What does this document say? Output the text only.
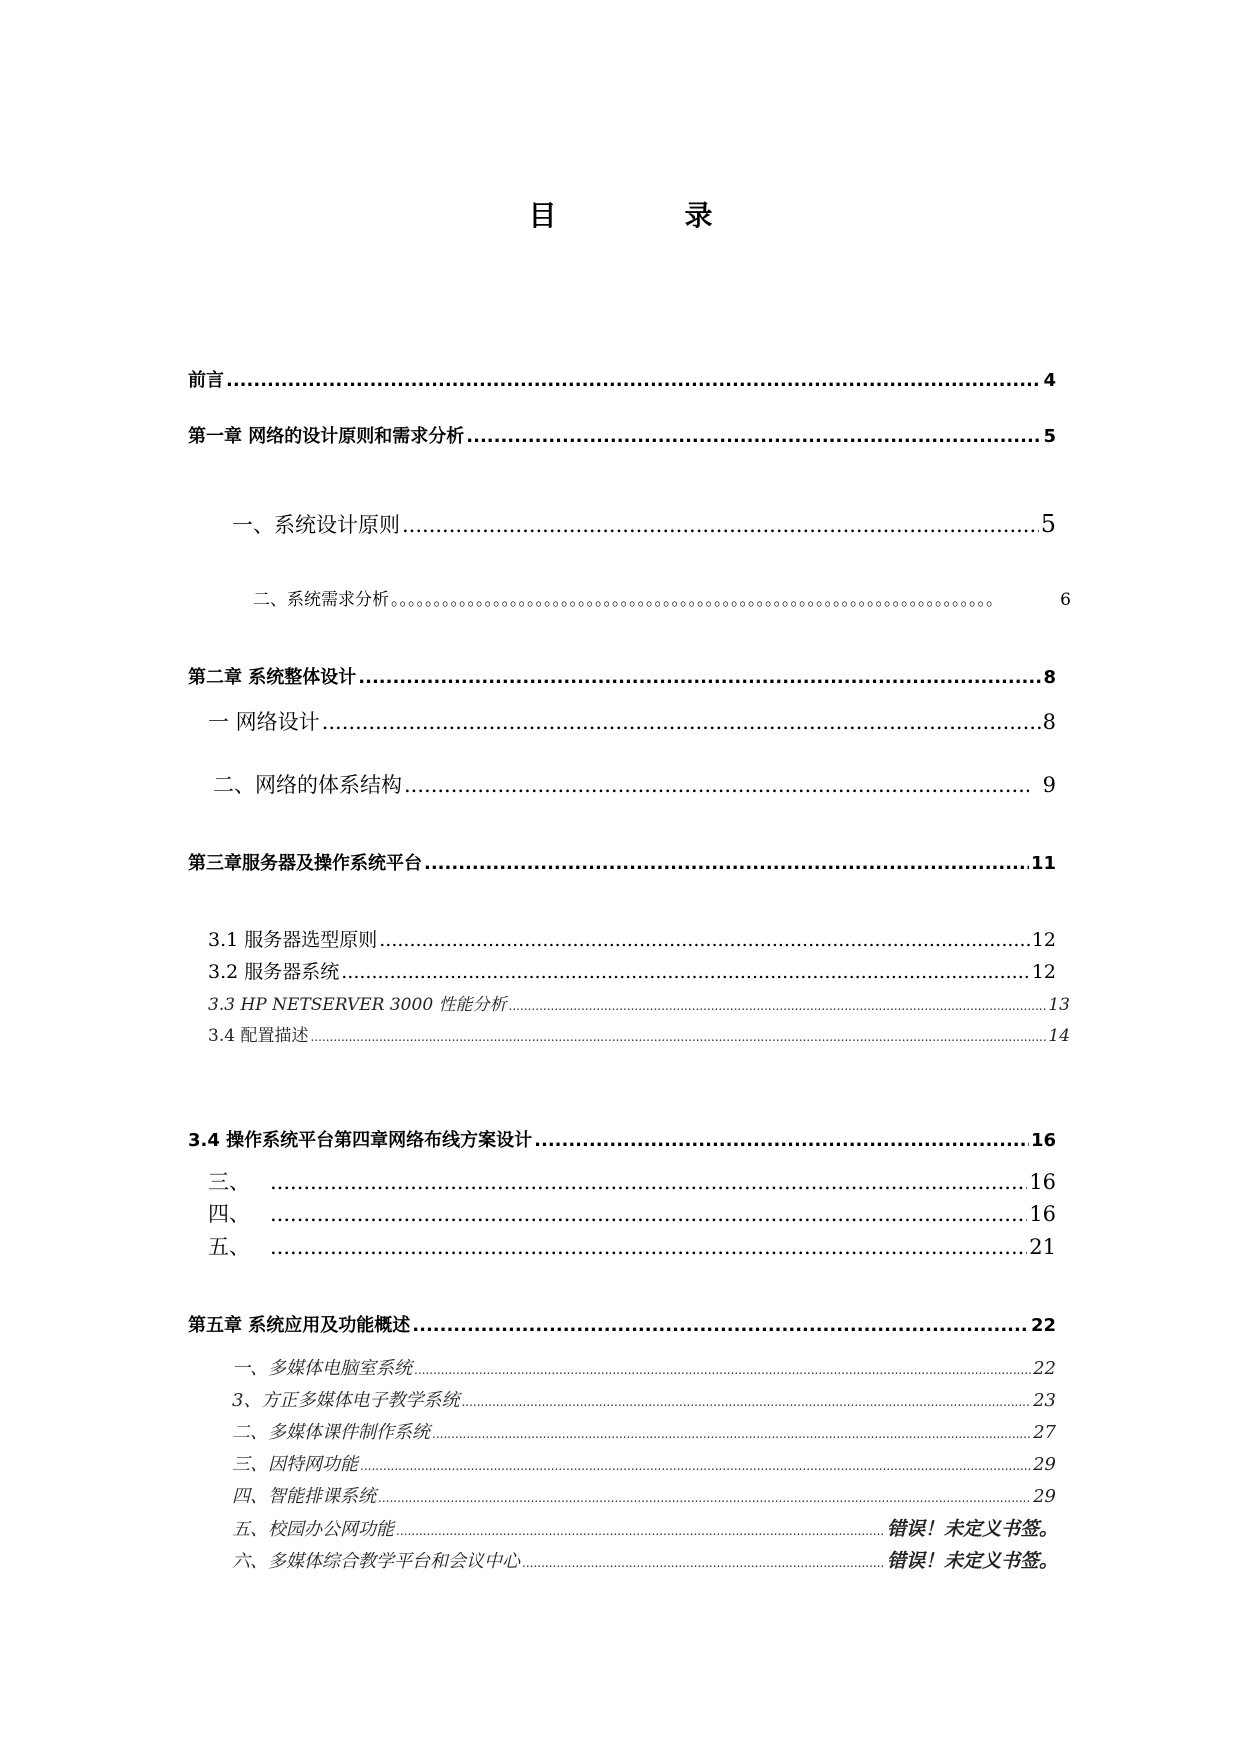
目　录
前言 .....	4
第一章 网络的设计原则和需求分析 .....	5
一、系统设计原则 .....	5
二、系统需求分析 。。。。。。。。。。。。。。。。。。。。。。。。。。。。。。。。。。。。。。。。。。。。。。。。。。。。。。。。。。。。。。。。。。。。。。。	6
第二章 系统整体设计 .....	8
一 网络设计 .....	8
二、网络的体系结构 .....	9
第三章服务器及操作系统平台 .....	11
3.1 服务器选型原则 .....	12
3.2 服务器系统 .....	12
3.3 HP NETSERVER 3000 性能分析 .....	13
3.4 配置描述 .....	14
3.4 操作系统平台第四章网络布线方案设计 .....	16
三、 .....	16
四、 .....	16
五、 .....	21
第五章 系统应用及功能概述 .....	22
一、多媒体电脑室系统 .....	22
3、方正多媒体电子教学系统 .....	23
二、多媒体课件制作系统 .....	27
三、因特网功能 .....	29
四、智能排课系统 .....	29
五、校园办公网功能 .....	错误！未定义书签。
六、多媒体综合教学平台和会议中心 .....	错误！未定义书签。
